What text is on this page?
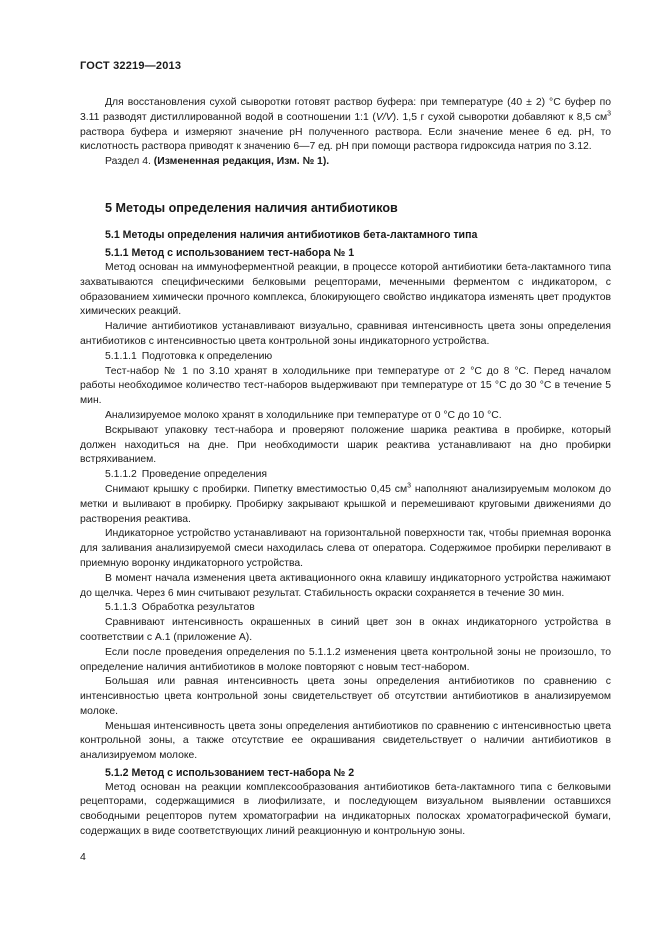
ГОСТ 32219—2013

Для восстановления сухой сыворотки готовят раствор буфера: при температуре (40 ± 2) °С буфер по 3.11 разводят дистиллированной водой в соотношении 1:1 (V/V). 1,5 г сухой сыворотки добавляют к 8,5 $см^3$ раствора буфера и измеряют значение рН полученного раствора. Если значение менее 6 ед. рН, то кислотность раствора приводят к значению 6—7 ед. рН при помощи раствора гидроксида натрия по 3.12.

Раздел 4. (Измененная редакция, Изм. № 1).

5 Методы определения наличия антибиотиков
5.1 Методы определения наличия антибиотиков бета-лактамного типа
5.1.1 Метод с использованием тест-набора № 1

Метод основан на иммуноферментной реакции, в процессе которой антибиотики бета-лактамного типа захватываются специфическими белковыми рецепторами, меченными ферментом с индикатором, с образованием химически прочного комплекса, блокирующего свойство индикатора изменять цвет продуктов химических реакций.

Наличие антибиотиков устанавливают визуально, сравнивая интенсивность цвета зоны определения антибиотиков с интенсивностью цвета контрольной зоны индикаторного устройства.

5.1.1.1 Подготовка к определению

Тест-набор № 1 по 3.10 хранят в холодильнике при температуре от 2 °С до 8 °С. Перед началом работы необходимое количество тест-наборов выдерживают при температуре от 15 °С до 30 °С в течение 5 мин.

Анализируемое молоко хранят в холодильнике при температуре от 0 °С до 10 °С.

Вскрывают упаковку тест-набора и проверяют положение шарика реактива в пробирке, который должен находиться на дне. При необходимости шарик реактива устанавливают на дно пробирки встряхиванием.

5.1.1.2 Проведение определения

Снимают крышку с пробирки. Пипетку вместимостью 0,45 $см^3$ наполняют анализируемым молоком до метки и выливают в пробирку. Пробирку закрывают крышкой и перемешивают круговыми движениями до растворения реактива.

Индикаторное устройство устанавливают на горизонтальной поверхности так, чтобы приемная воронка для заливания анализируемой смеси находилась слева от оператора. Содержимое пробирки переливают в приемную воронку индикаторного устройства.

В момент начала изменения цвета активационного окна клавишу индикаторного устройства нажимают до щелчка. Через 6 мин считывают результат. Стабильность окраски сохраняется в течение 30 мин.

5.1.1.3 Обработка результатов

Сравнивают интенсивность окрашенных в синий цвет зон в окнах индикаторного устройства в соответствии с А.1 (приложение А).

Если после проведения определения по 5.1.1.2 изменения цвета контрольной зоны не произошло, то определение наличия антибиотиков в молоке повторяют с новым тест-набором.

Большая или равная интенсивность цвета зоны определения антибиотиков по сравнению с интенсивностью цвета контрольной зоны свидетельствует об отсутствии антибиотиков в анализируемом молоке.

Меньшая интенсивность цвета зоны определения антибиотиков по сравнению с интенсивностью цвета контрольной зоны, а также отсутствие ее окрашивания свидетельствует о наличии антибиотиков в анализируемом молоке.

5.1.2 Метод с использованием тест-набора № 2

Метод основан на реакции комплексообразования антибиотиков бета-лактамного типа с белковыми рецепторами, содержащимися в лиофилизате, и последующем визуальном выявлении оставшихся свободными рецепторов путем хроматографии на индикаторных полосках хроматографической бумаги, содержащих в виде соответствующих линий реакционную и контрольную зоны.

4
